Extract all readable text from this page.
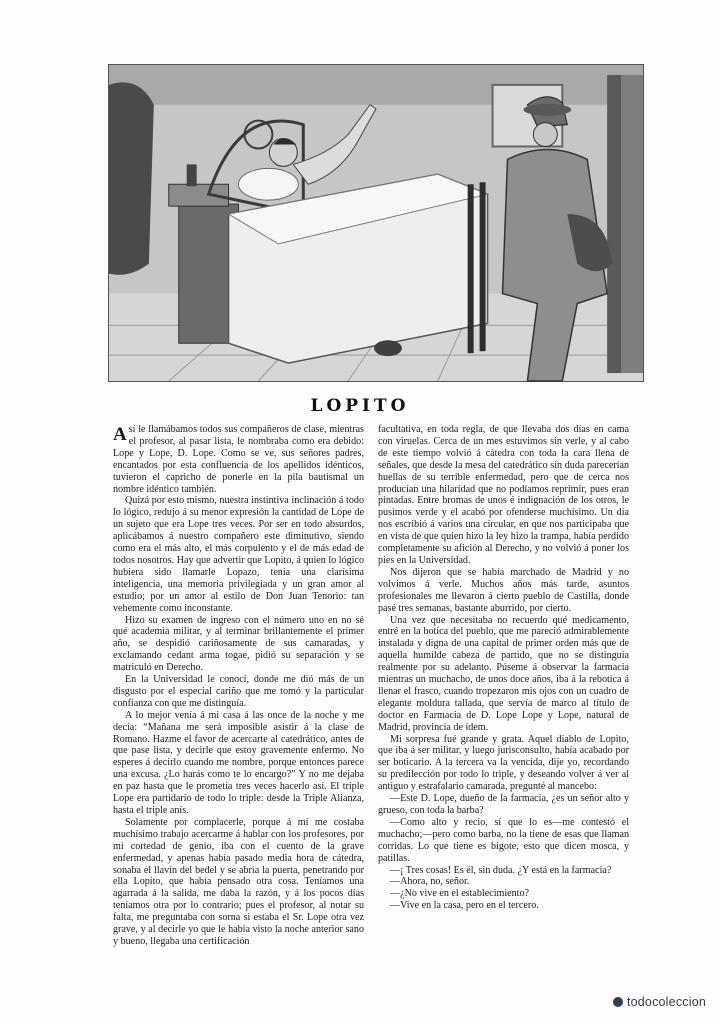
LOPITO

Así le llamábamos todos sus compañeros de clase, mientras el profesor, al pasar lista, le nombraba como era debido: Lope y Lope, D. Lope. Como se ve, sus señores padres, encantados por esta confluencia de los apellidos idénticos, tuvieron el capricho de ponerle en la pila bautismal un nombre idéntico también.

Quizá por esto mismo, nuestra instintiva inclinación á todo lo lógico, redujo á su menor expresión la cantidad de Lope de un sujeto que era Lope tres veces. Por ser en todo absurdos, aplicábamos á nuestro compañero este diminutivo, siendo como era el más alto, el más corpulento y el de más edad de todos nosotros. Hay que advertir que Lopito, á quien lo lógico hubiera sido llamarle Lopazo, tenía una clarísima inteligencia, una memoria privilegiada y un gran amor al estudio; por un amor al estilo de Don Juan Tenorio: tan vehemente como inconstante.

Hizo su examen de ingreso con el número uno en no sé qué academia militar, y al terminar brillantemente el primer año, se despidió cariñosamente de sus camaradas, y exclamando cedant arma togae, pidió su separación y se matriculó en Derecho.

En la Universidad le conocí, donde me dió más de un disgusto por el especial cariño que me tomó y la particular confianza con que me distinguía.

A lo mejor venía á mi casa á las once de la noche y me decía: “Mañana me será imposible asistir á la clase de Romano. Hazme el favor de acercarte al catedrático, antes de que pase lista, y decirle que estoy gravemente enfermo. No esperes á decirlo cuando me nombre, porque entonces parece una excusa. ¿Lo harás como te lo encargo?” Y no me dejaba en paz hasta que le prometía tres veces hacerlo así. El triple Lope era partidario de todo lo triple: desde la Triple Alianza, hasta el triple anís.

Solamente por complacerle, porque á mí me costaba muchísimo trabajo acercarme á hablar con los profesores, por mi cortedad de genio, iba con el cuento de la grave enfermedad, y apenas había pasado media hora de cátedra, sonaba el llavín del bedel y se abría la puerta, penetrando por ella Lopito, que había pensado otra cosa. Teníamos una agarrada á la salida, me daba la razón, y á los pocos días teníamos otra por lo contrario; pues el profesor, al notar su falta, me preguntaba con sorna si estaba el Sr. Lope otra vez grave, y al decirle yo que le había visto la noche anterior sano y bueno, llegaba una certificación

facultativa, en toda regla, de que llevaba dos días en cama con viruelas. Cerca de un mes estuvimos sin verle, y al cabo de este tiempo volvió á cátedra con toda la cara llena de señales, que desde la mesa del catedrático sin duda parecerían huellas de su terrible enfermedad, pero que de cerca nos producían una hilaridad que no podíamos reprimir, pues eran pintadas. Entre bromas de unos é indignación de los otros, le pusimos verde y el acabó por ofenderse muchísimo. Un día nos escribió á varios una circular, en que nos participaba que en vista de que quien hizo la ley hizo la trampa, había perdido completamente su afición al Derecho, y no volvió á poner los pies en la Universidad.

Nos dijeron que se había marchado de Madrid y no volvimos á verle. Muchos años más tarde, asuntos profesionales me llevaron á cierto pueblo de Castilla, donde pasé tres semanas, bastante aburrido, por cierto.

Una vez que necesitaba no recuerdo qué medicamento, entré en la botica del pueblo, que me pareció admirablemente instalada y digna de una capital de primer orden más que de aquella humilde cabeza de partido, que no se distinguía realmente por su adelanto. Púseme á observar la farmacia mientras un muchacho, de unos doce años, iba á la rebotica á llenar el frasco, cuando tropezaron mis ojos con un cuadro de elegante moldura tallada, que servía de marco al título de doctor en Farmacia de D. Lope Lope y Lope, natural de Madrid, provincia de ídem.

Mi sorpresa fué grande y grata. Aquel diablo de Lopito, que iba á ser militar, y luego jurisconsulto, había acabado por ser boticario. A la tercera va la vencida, dije yo, recordando su predilección por todo lo triple, y deseando volver á ver al antiguo y estrafalario camarada, pregunté al mancebo:

—Este D. Lope, dueño de la farmacia, ¿es un señor alto y grueso, con toda la barba?

—Como alto y recio, sí que lo es—me contestó el muchacho;—pero como barba, no la tiene de esas que llaman corridas. Lo que tiene es bigote, esto que dicen mosca, y patillas.

—¡ Tres cosas! Es él, sin duda. ¿Y está en la farmacia?

—Ahora, no, señor.

—¿No vive en el establecimiento?

—Vive en la casa, pero en el tercero.

todocoleccion
